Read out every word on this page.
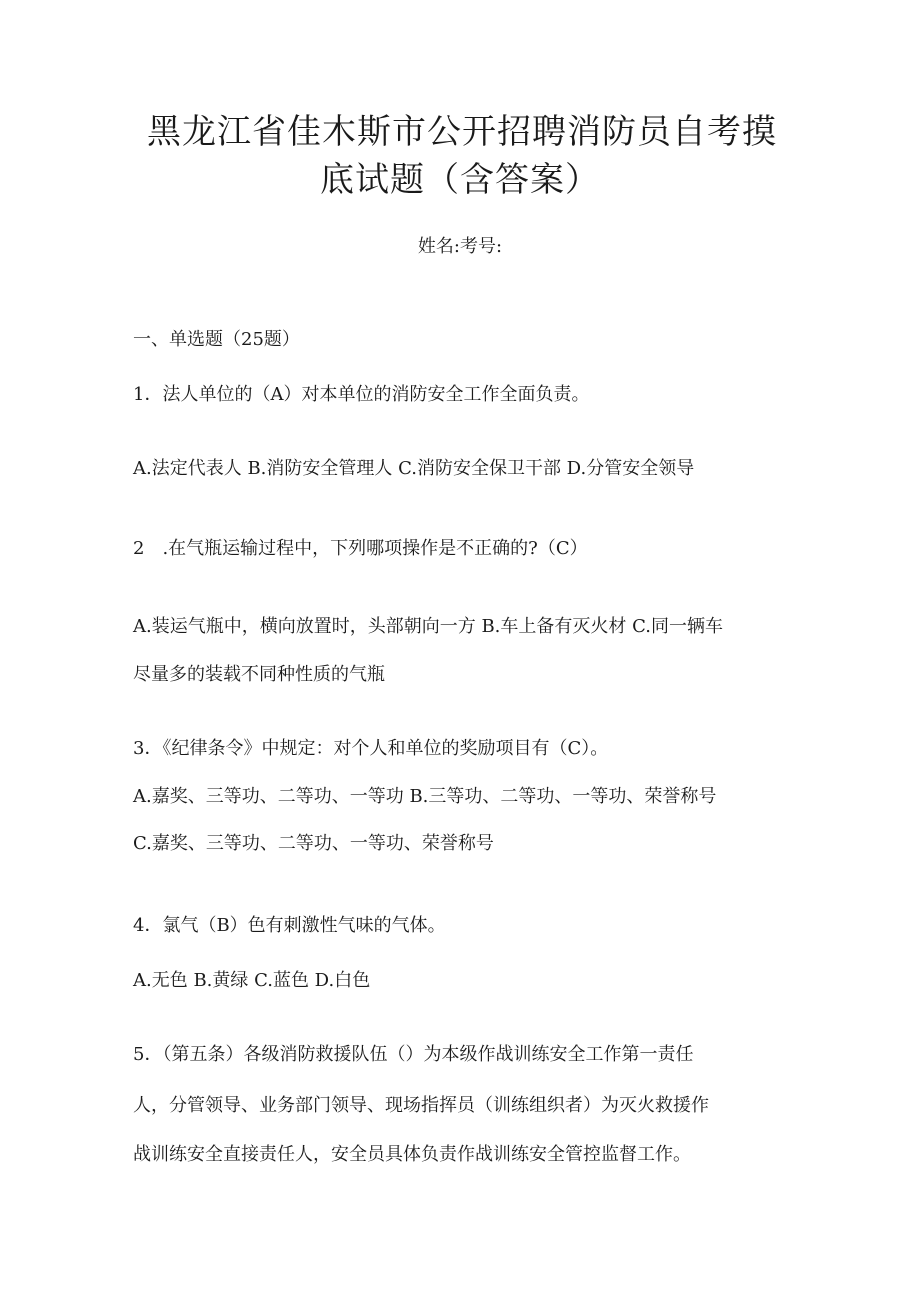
黑龙江省佳木斯市公开招聘消防员自考摸
底试题（含答案）
姓名:考号:
一、单选题（25题）
1．法人单位的（A）对本单位的消防安全工作全面负责。
A.法定代表人 B.消防安全管理人 C.消防安全保卫干部 D.分管安全领导
2　.在气瓶运输过程中，下列哪项操作是不正确的?（C）
A.装运气瓶中，横向放置时，头部朝向一方 B.车上备有灭火材 C.同一辆车
尽量多的装载不同种性质的气瓶
3．《纪律条令》中规定：对个人和单位的奖励项目有（C）。
A.嘉奖、三等功、二等功、一等功 B.三等功、二等功、一等功、荣誉称号
C.嘉奖、三等功、二等功、一等功、荣誉称号
4．氯气（B）色有刺激性气味的气体。
A.无色 B.黄绿 C.蓝色 D.白色
5．（第五条）各级消防救援队伍（）为本级作战训练安全工作第一责任
人，分管领导、业务部门领导、现场指挥员（训练组织者）为灭火救援作
战训练安全直接责任人，安全员具体负责作战训练安全管控监督工作。
